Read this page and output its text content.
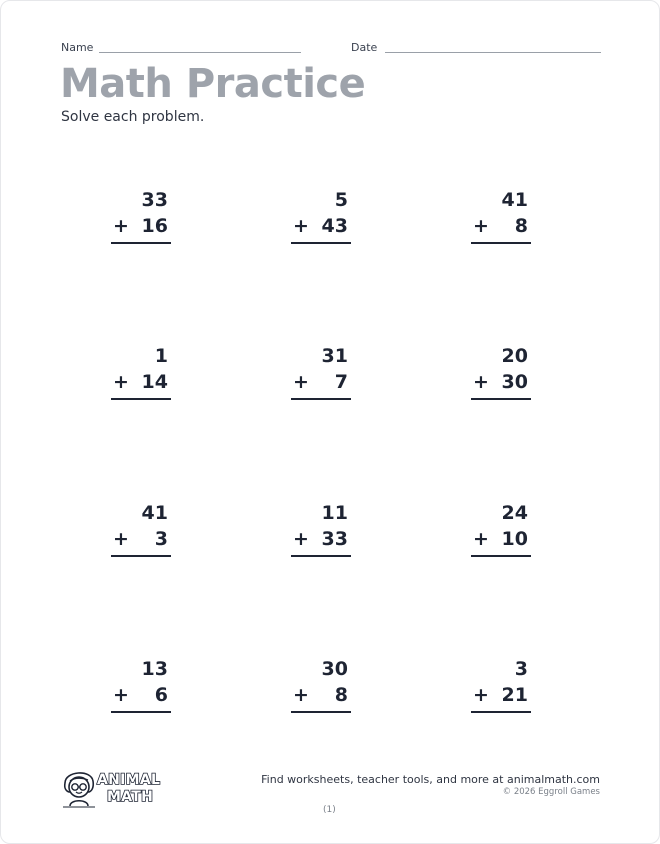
Name	Date
Math Practice
Solve each problem.
33
+ 16
5
+ 43
41
+ 8
1
+ 14
31
+ 7
20
+ 30
41
+ 3
11
+ 33
24
+ 10
13
+ 6
30
+ 8
3
+ 21
ANIMAL
MATH
Find worksheets, teacher tools, and more at animalmath.com
© 2026 Eggroll Games
(1)
